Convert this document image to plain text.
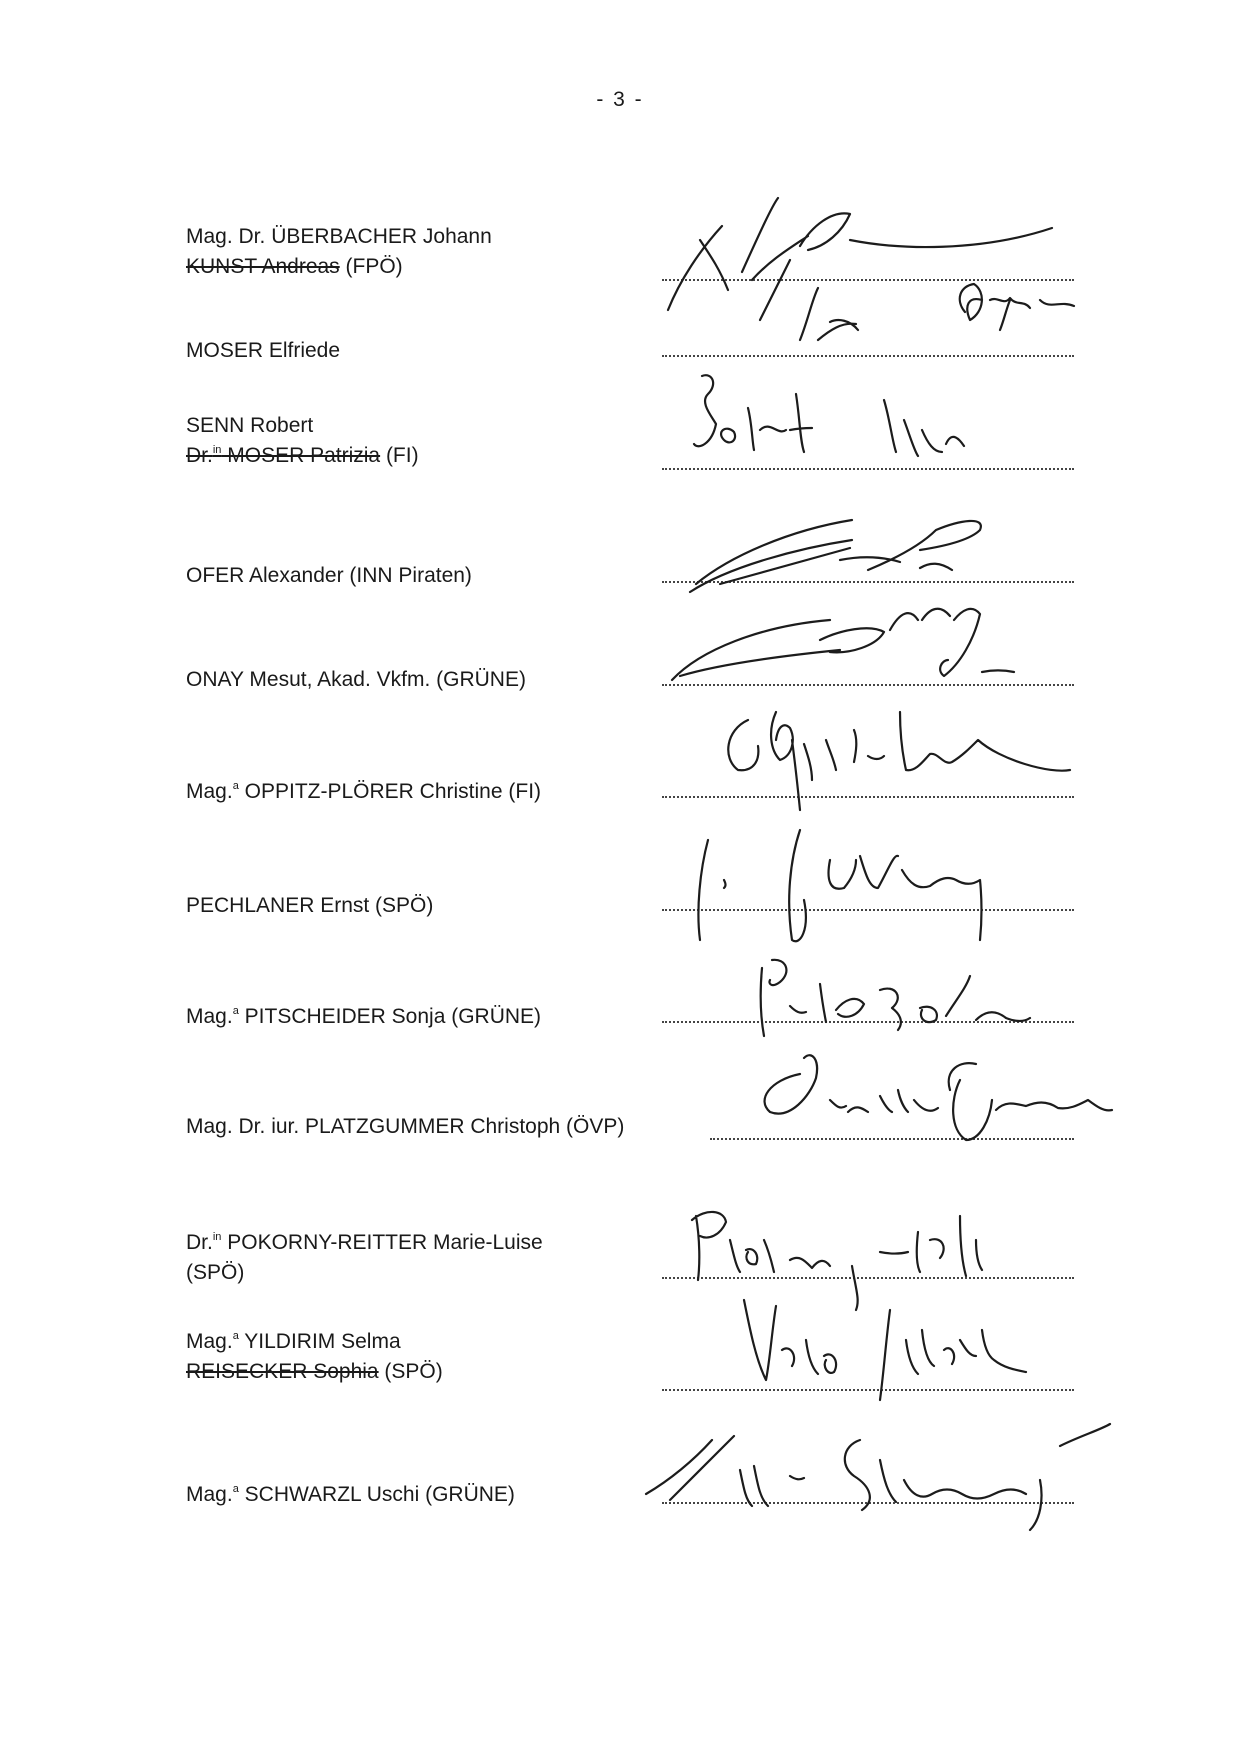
- 3 -
Mag. Dr. ÜBERBACHER Johann
KUNST Andreas (FPÖ)
MOSER Elfriede
SENN Robert
Dr.$^{in}$ MOSER Patrizia (FI)
OFER Alexander (INN Piraten)
ONAY Mesut, Akad. Vkfm. (GRÜNE)
Mag.$^a$ OPPITZ-PLÖRER Christine (FI)
PECHLANER Ernst (SPÖ)
Mag.$^a$ PITSCHEIDER Sonja (GRÜNE)
Mag. Dr. iur. PLATZGUMMER Christoph (ÖVP)
Dr.$^{in}$ POKORNY-REITTER Marie-Luise
(SPÖ)
Mag.$^a$ YILDIRIM Selma
REISECKER Sophia (SPÖ)
Mag.$^a$ SCHWARZL Uschi (GRÜNE)
